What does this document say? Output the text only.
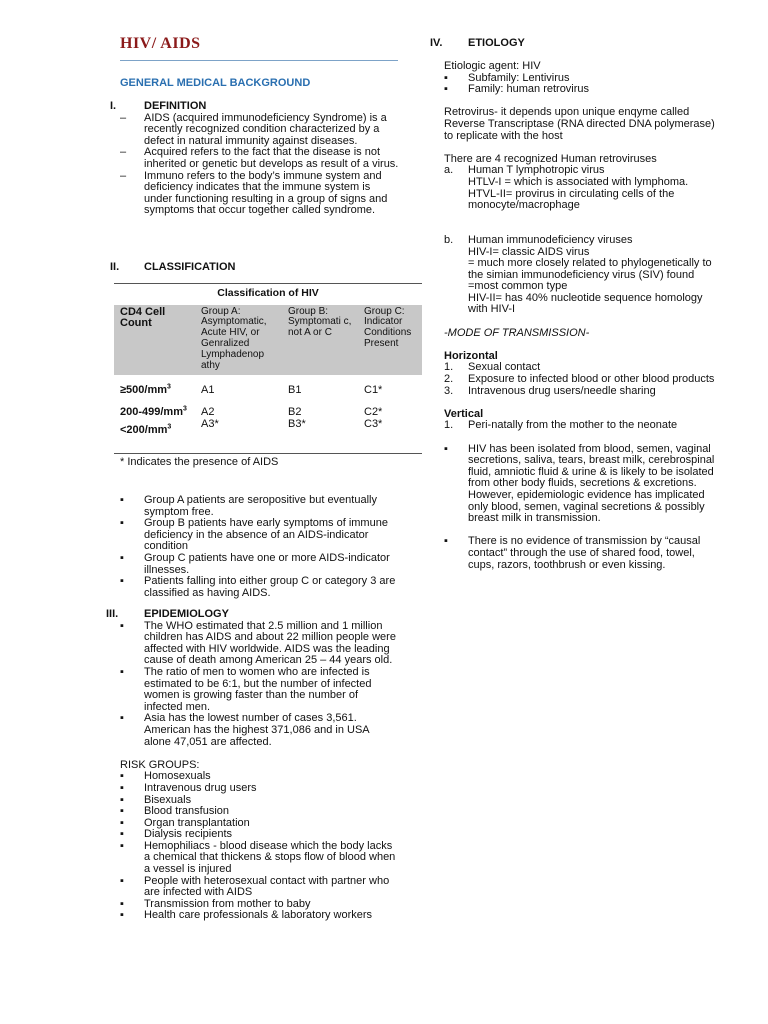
HIV/ AIDS
GENERAL MEDICAL BACKGROUND
I.	DEFINITION
–	AIDS (acquired immunodeficiency Syndrome) is a recently recognized condition characterized by a defect in natural immunity against diseases.
–	Acquired refers to the fact that the disease is not inherited or genetic but develops as result of a virus.
–	Immuno refers to the body’s immune system and deficiency indicates that the immune system is under functioning resulting in a group of signs and symptoms that occur together called syndrome.
II.	CLASSIFICATION
Classification of HIV
CD4 Cell Count	Group A: Asymptomatic, Acute HIV, or Genralized Lymphadenop athy	Group B: Symptomati c, not A or C	Group C: Indicator Conditions Present
$\ge 500/mm^3$	A1	B1	C1*
$200-499/mm^3$	A2	B2	C2*
$<200/mm^3$	A3*	B3*	C3*
* Indicates the presence of AIDS
▪	Group A patients are seropositive but eventually symptom free.
▪	Group B patients have early symptoms of immune deficiency in the absence of an AIDS-indicator condition
▪	Group C patients have one or more AIDS-indicator illnesses.
▪	Patients falling into either group C or category 3 are classified as having AIDS.
III.	EPIDEMIOLOGY
▪	The WHO estimated that 2.5 million and 1 million children has AIDS and about 22 million people were affected with HIV worldwide. AIDS was the leading cause of death among American 25 – 44 years old.
▪	The ratio of men to women who are infected is estimated to be 6:1, but the number of infected women is growing faster than the number of infected men.
▪	Asia has the lowest number of cases 3,561. American has the highest 371,086 and in USA alone 47,051 are affected.
RISK GROUPS:
▪	Homosexuals
▪	Intravenous drug users
▪	Bisexuals
▪	Blood transfusion
▪	Organ transplantation
▪	Dialysis recipients
▪	Hemophiliacs - blood disease which the body lacks a chemical that thickens & stops flow of blood when a vessel is injured
▪	People with heterosexual contact with partner who are infected with AIDS
▪	Transmission from mother to baby
▪	Health care professionals & laboratory workers
IV.	ETIOLOGY

Etiologic agent: HIV

▪	Subfamily: Lentivirus
▪	Family: human retrovirus

Retrovirus- it depends upon unique enqyme called Reverse Transcriptase (RNA directed DNA polymerase) to replicate with the host

There are 4 recognized Human retroviruses

a. Human T lymphotropic virus
HTLV-I = which is associated with lymphoma.
HTVL-II= provirus in circulating cells of the monocyte/macrophage
b. Human immunodeficiency viruses
HIV-I= classic AIDS virus
= much more closely related to phylogenetically to the simian immunodeficiency virus (SIV) found
=most common type
HIV-II= has 40% nucleotide sequence homology with HIV-I

-MODE OF TRANSMISSION-

Horizontal

1.	Sexual contact
2.	Exposure to infected blood or other blood products
3.	Intravenous drug users/needle sharing

Vertical

1.	Peri-natally from the mother to the neonate
▪	HIV has been isolated from blood, semen, vaginal secretions, saliva, tears, breast milk, cerebrospinal fluid, amniotic fluid & urine & is likely to be isolated from other body fluids, secretions & excretions. However, epidemiologic evidence has implicated only blood, semen, vaginal secretions & possibly breast milk in transmission.
▪	There is no evidence of transmission by “causal contact” through the use of shared food, towel, cups, razors, toothbrush or even kissing.
